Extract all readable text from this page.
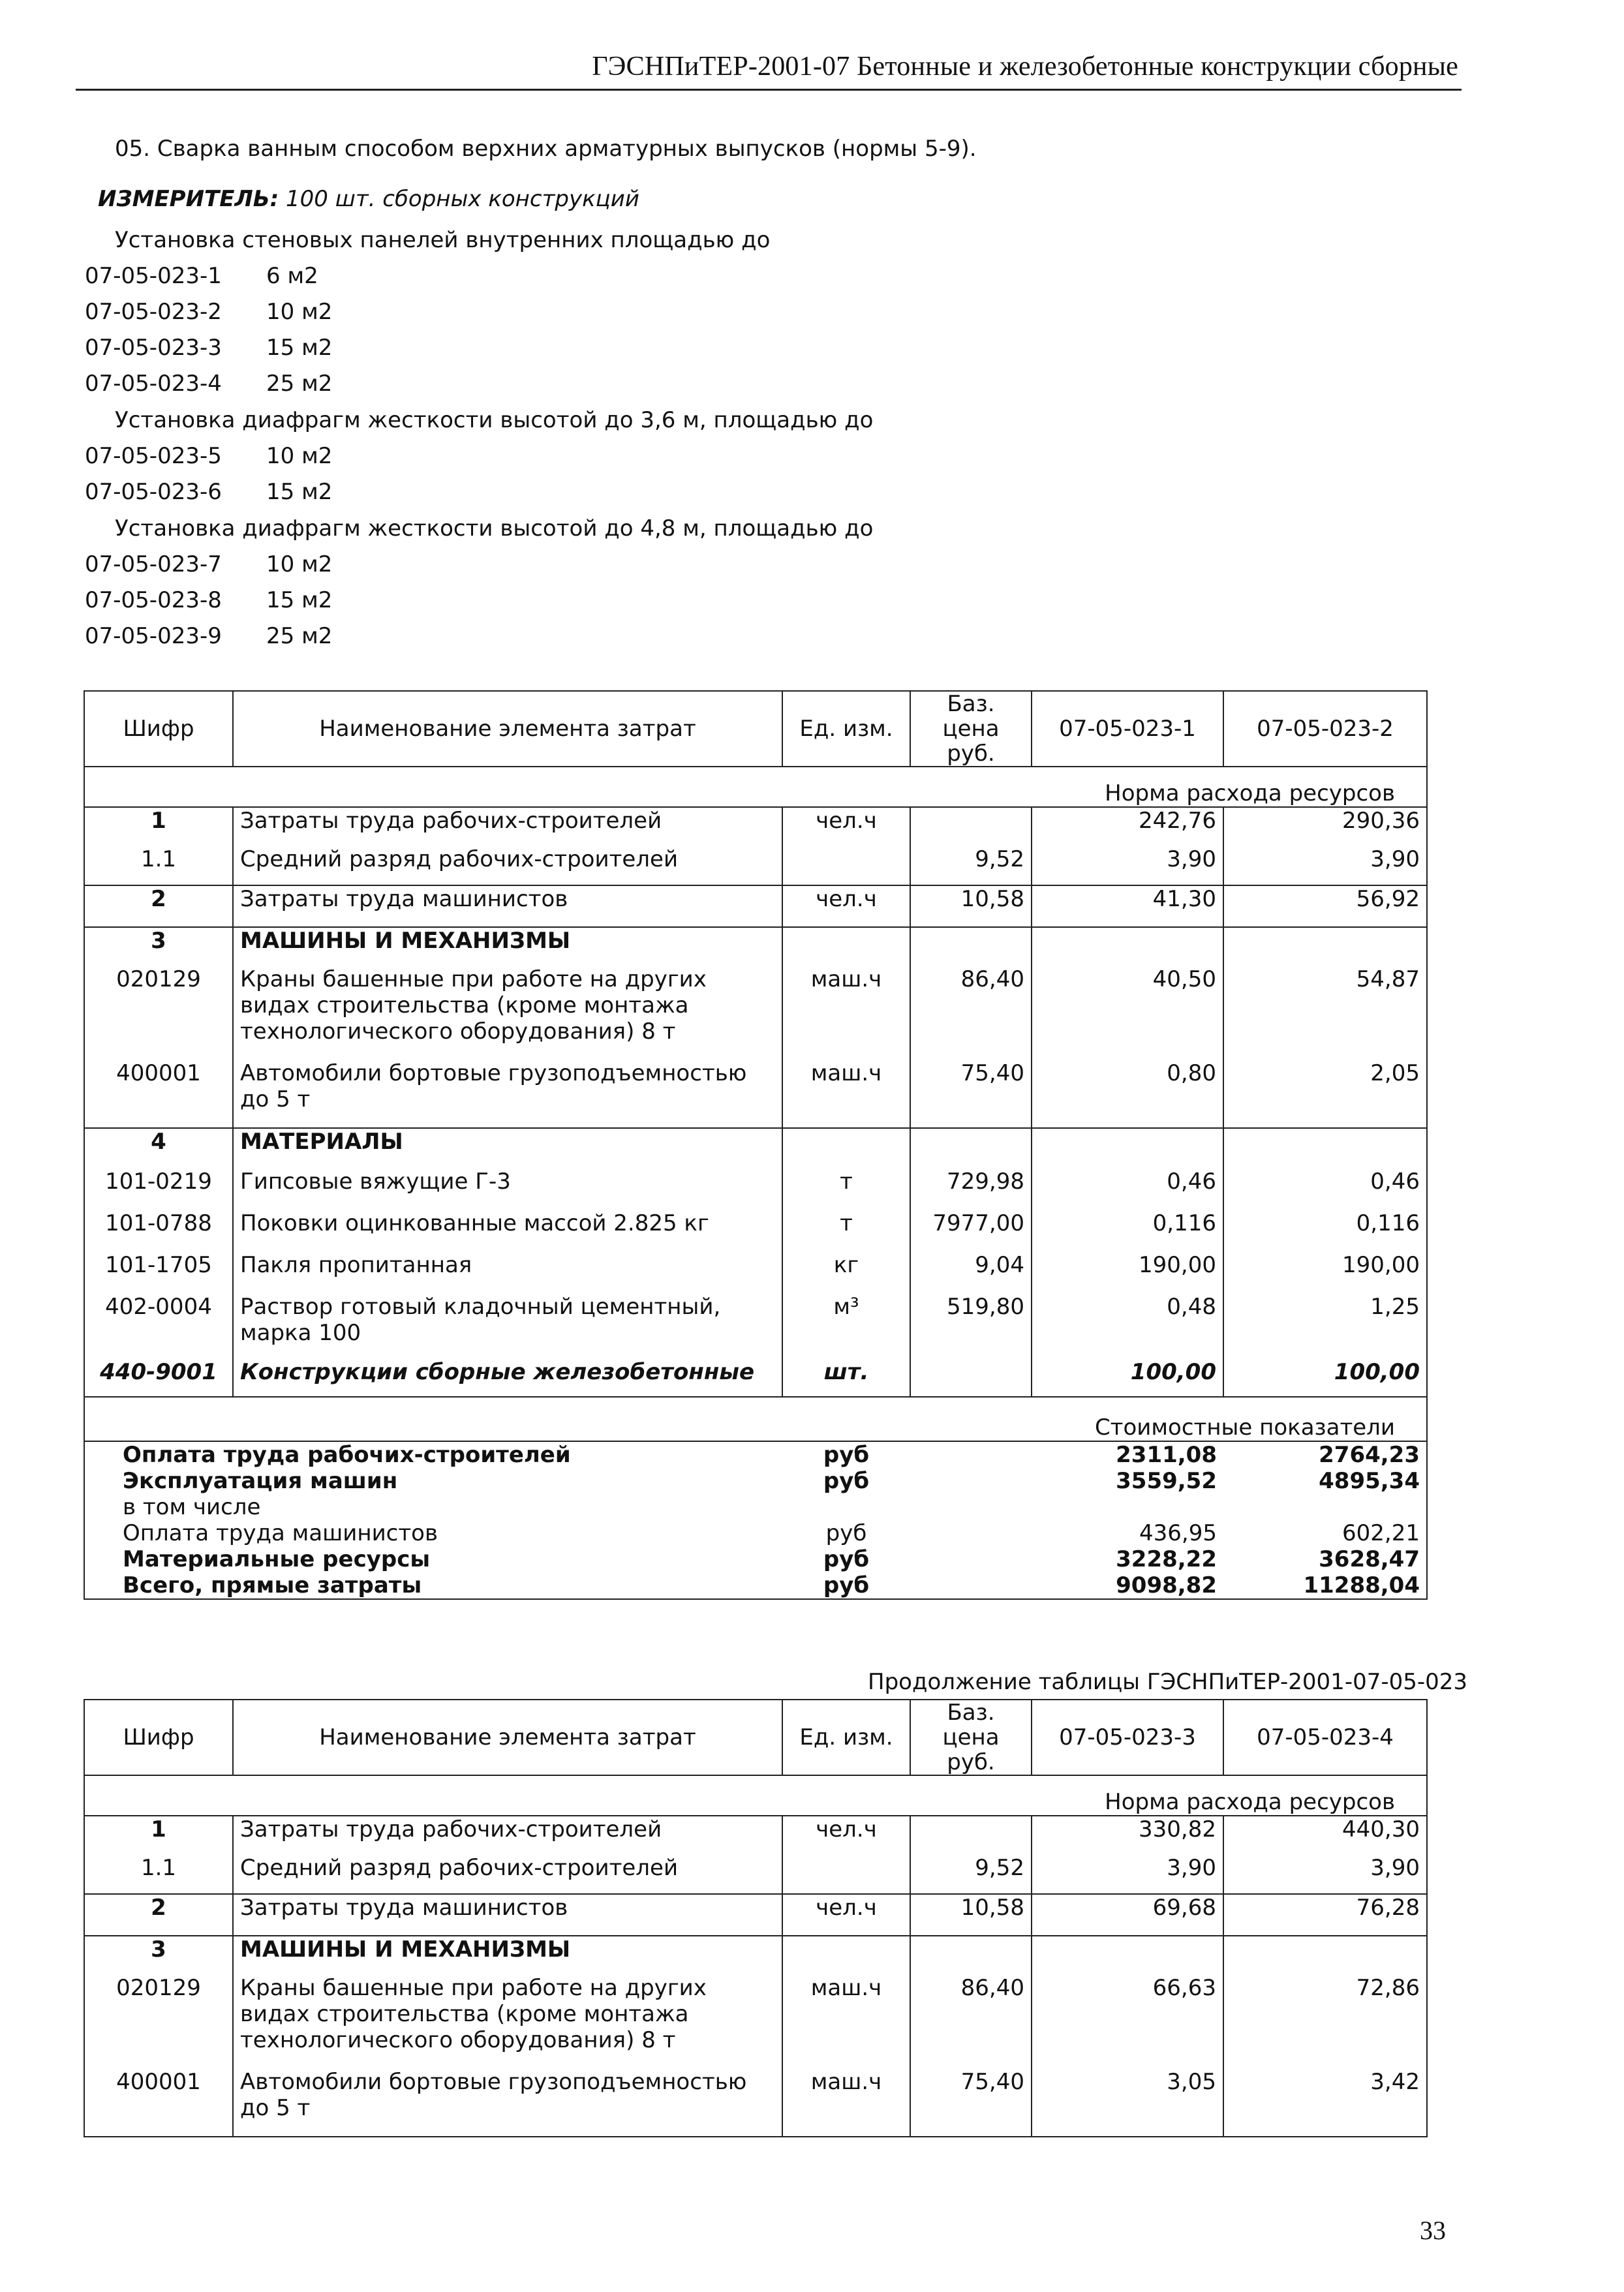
ГЭСНПиТЕР-2001-07 Бетонные и железобетонные конструкции сборные
05. Сварка ванным способом верхних арматурных выпусков (нормы 5-9).
ИЗМЕРИТЕЛЬ: 100 шт. сборных конструкций
Установка стеновых панелей внутренних площадью до
07-05-023-1 6 м2
07-05-023-2 10 м2
07-05-023-3 15 м2
07-05-023-4 25 м2
Установка диафрагм жесткости высотой до 3,6 м, площадью до
07-05-023-5 10 м2
07-05-023-6 15 м2
Установка диафрагм жесткости высотой до 4,8 м, площадью до
07-05-023-7 10 м2
07-05-023-8 15 м2
07-05-023-9 25 м2
Шифр	Наименование элемента затрат	Ед. изм.	Баз. цена руб.	07-05-023-1	07-05-023-2
Норма расхода ресурсов					
1	Затраты труда рабочих-строителей	чел.ч		242,76	290,36
1.1	Средний разряд рабочих-строителей		9,52	3,90	3,90
2	Затраты труда машинистов	чел.ч	10,58	41,30	56,92
3	МАШИНЫ И МЕХАНИЗМЫ				
020129	Краны башенные при работе на других видах строительства (кроме монтажа технологического оборудования) 8 т	маш.ч	86,40	40,50	54,87
400001	Автомобили бортовые грузоподъемностью до 5 т	маш.ч	75,40	0,80	2,05
4	МАТЕРИАЛЫ				
101-0219	Гипсовые вяжущие Г-3	т	729,98	0,46	0,46
101-0788	Поковки оцинкованные массой 2.825 кг	т	7977,00	0,116	0,116
101-1705	Пакля пропитанная	кг	9,04	190,00	190,00
402-0004	Раствор готовый кладочный цементный, марка 100	м³	519,80	0,48	1,25
440-9001	Конструкции сборные железобетонные	шт.		100,00	100,00
Стоимостные показатели					
Оплата труда рабочих-строителей		руб		2311,08	2764,23
Эксплуатация машин		руб		3559,52	4895,34
в том числе					
Оплата труда машинистов		руб		436,95	602,21
Материальные ресурсы		руб		3228,22	3628,47
Всего, прямые затраты		руб		9098,82	11288,04
Продолжение таблицы ГЭСНПиТЕР-2001-07-05-023
Шифр	Наименование элемента затрат	Ед. изм.	Баз. цена руб.	07-05-023-3	07-05-023-4
Норма расхода ресурсов					
1	Затраты труда рабочих-строителей	чел.ч		330,82	440,30
1.1	Средний разряд рабочих-строителей		9,52	3,90	3,90
2	Затраты труда машинистов	чел.ч	10,58	69,68	76,28
3	МАШИНЫ И МЕХАНИЗМЫ				
020129	Краны башенные при работе на других видах строительства (кроме монтажа технологического оборудования) 8 т	маш.ч	86,40	66,63	72,86
400001	Автомобили бортовые грузоподъемностью до 5 т	маш.ч	75,40	3,05	3,42
33
